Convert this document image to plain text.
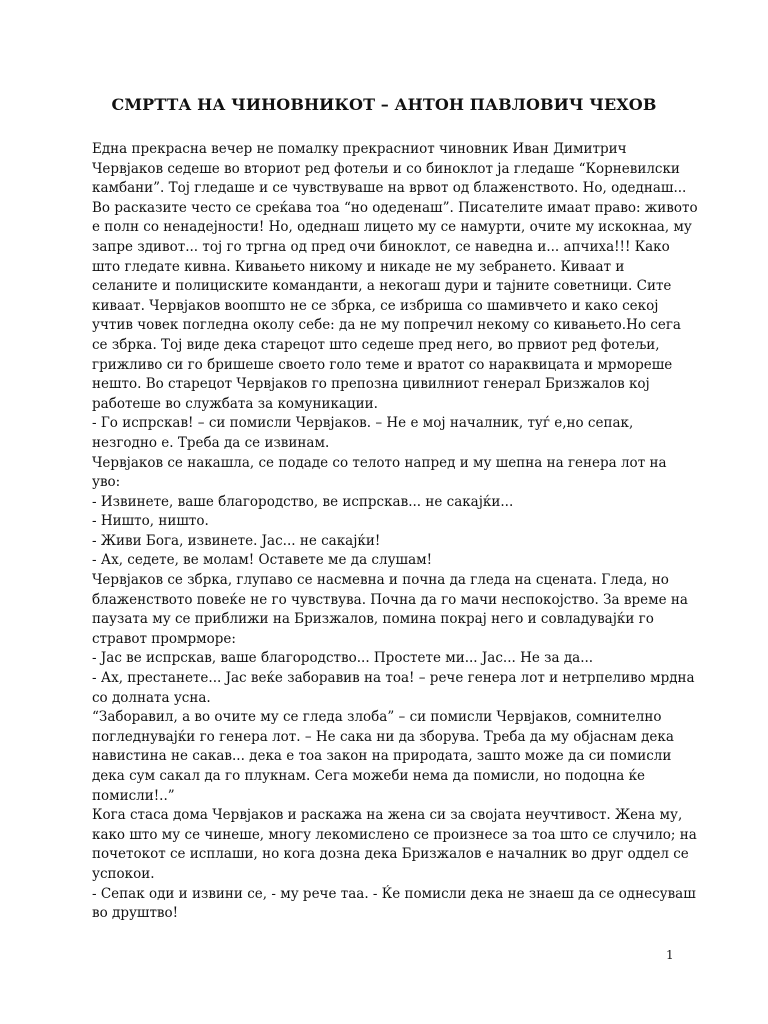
СМРТТА НА ЧИНОВНИКОТ – АНТОН ПАВЛОВИЧ ЧЕХОВ
Една прекрасна вечер не помалку прекрасниот чиновник Иван Димитрич
Червјаков седеше во вториот ред фотељи и со биноклот ја гледаше “Корневилски
камбани”. Тој гледаше и се чувствуваше на врвот од блаженството. Но, одеднаш...
Во расказите често се среќава тоа “но одеденаш”. Писателите имаат право: живото
е полн со ненадејности! Но, одеднаш лицето му се намурти, очите му искокнаа, му
запре здивот... тој го тргна од пред очи биноклот, се наведна и... апчиха!!! Како
што гледате кивна. Кивањето никому и никаде не му зебрането. Киваат и
селаните и полициските команданти, а некогаш дури и тајните советници. Сите
киваат. Червјаков воопшто не се збрка, се избриша со шамивчето и како секој
учтив човек погледна околу себе: да не му попречил некому со кивањето.Но сега
се збрка. Тој виде дека старецот што седеше пред него, во првиот ред фотељи,
грижливо си го бришеше своето голо теме и вратот со нараквицата и мрмореше
нешто. Во старецот Червјаков го препозна цивилниот генерал Бризжалов кој
работеше во службата за комуникации.
- Го испрскав! – си помисли Червјаков. – Не е мој началник, туѓ е,но сепак,
незгодно е. Треба да се извинам.
Червјаков се накашла, се подаде со телото напред и му шепна на генера лот на
уво:
- Извинете, ваше благородство, ве испрскав... не сакајќи...
- Ништо, ништо.
- Живи Бога, извинете. Јас... не сакајќи!
- Ах, седете, ве молам! Оставете ме да слушам!
Червјаков се збрка, глупаво се насмевна и почна да гледа на сцената. Гледа, но
блаженството повеќе не го чувствува. Почна да го мачи неспокојство. За време на
паузата му се приближи на Бризжалов, помина покрај него и совладувајќи го
стравот промрморе:
- Јас ве испрскав, ваше благородство... Простете ми... Јас... Не за да...
- Ах, престанете... Јас веќе заборавив на тоа! – рече генера лот и нетрпеливо мрдна
со долната усна.
“Заборавил, а во очите му се гледа злоба” – си помисли Червјаков, сомнително
погледнувајќи го генера лот. – Не сака ни да зборува. Треба да му објаснам дека
навистина не сакав... дека е тоа закон на природата, зашто може да си помисли
дека сум сакал да го плукнам. Сега можеби нема да помисли, но подоцна ќе
помисли!..”
Кога стаса дома Червјаков и раскажа на жена си за својата неучтивост. Жена му,
како што му се чинеше, многу лекомислено се произнесе за тоа што се случило; на
почетокот се исплаши, но кога дозна дека Бризжалов е началник во друг оддел се
успокои.
- Сепак оди и извини се, - му рече таа. - Ќе помисли дека не знаеш да се однесуваш
во друштво!
1
